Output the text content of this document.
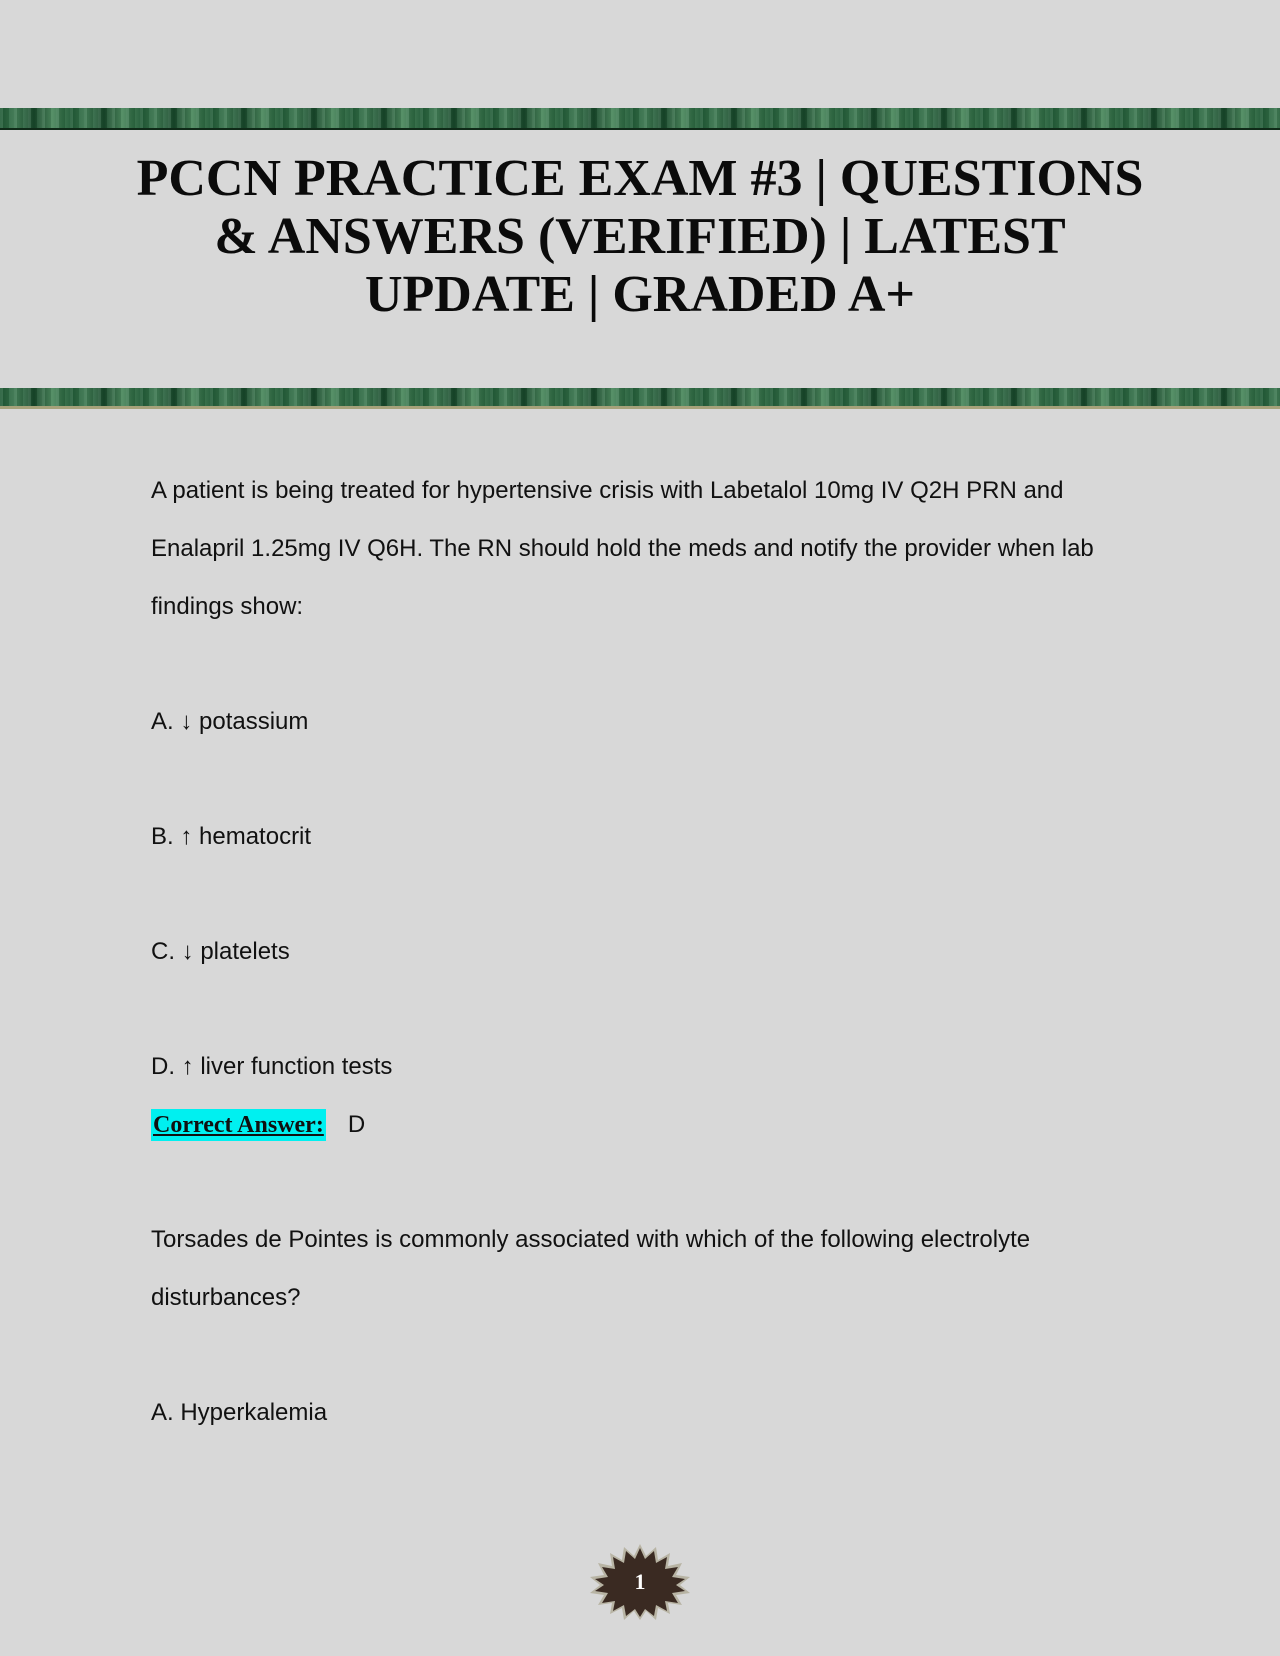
PCCN PRACTICE EXAM #3 | QUESTIONS & ANSWERS (VERIFIED) | LATEST UPDATE | GRADED A+

A patient is being treated for hypertensive crisis with Labetalol 10mg IV Q2H PRN and Enalapril 1.25mg IV Q6H. The RN should hold the meds and notify the provider when lab findings show:

A. ↓ potassium

B. ↑ hematocrit

C. ↓ platelets

D. ↑ liver function tests

Correct Answer: D

Torsades de Pointes is commonly associated with which of the following electrolyte disturbances?

A. Hyperkalemia

1
